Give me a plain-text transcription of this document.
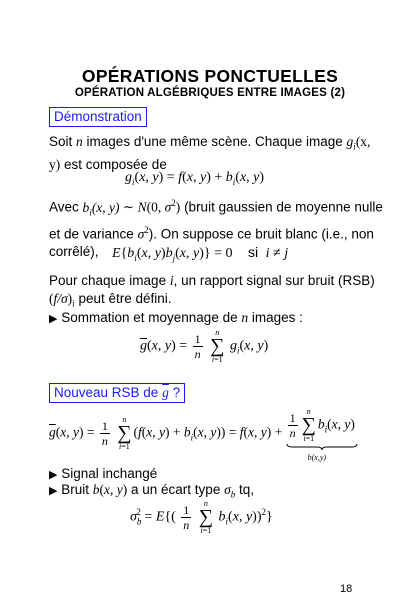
OPÉRATIONS PONCTUELLES
OPÉRATION ALGÉBRIQUES ENTRE IMAGES (2)
Démonstration
Soit n images d'une même scène. Chaque image $g_i(x$, y) est composée de
$g_i(x$, y) = f(x, $y) + b_i(x$, y)
Avec $b_i(x$, y) ∼ N(0, $\sigma^2$) (bruit gaussien de moyenne nulle et de variance $\sigma^2$). On suppose ce bruit blanc (i.e., non corrêlé), $E\{b_i(x$, $y)b_j(x$, y)} = 0 si i ≠ j
Pour chaque image i, un rapport signal sur bruit (RSB) $(f/\sigma)_i$ peut être défini.
▶ Sommation et moyennage de n images :
$\overline{g}(x$, $y) = \frac{1}{n}$
	n
∑
i=1
$g_i(x$, y)
Nouveau RSB de $\overline{g}$ ?
$\overline{g}(x$, $y) = \frac{1}{n}$
	n
∑
i=1
(f(x, $y) + b_i(x$, y)) = f(x, $y) + \frac{1}{n}$	n
∑
i=1
$b_i(x$, y)
b(x,y)
▶ Signal inchangé
▶ Bruit b(x, y) a un écart type $\sigma_b$ tq,
$\sigma_b^2 = E\{( \frac{1}{n}$
	n
∑
i=1
$b_i(x$, y))$^2$}
18
